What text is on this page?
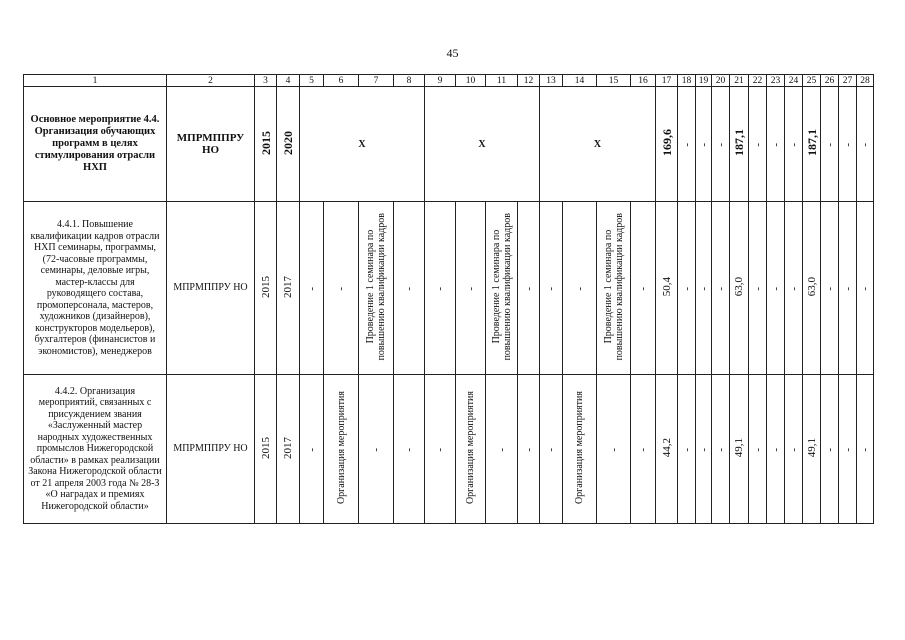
45
1	2	3	4	5	6	7	8	9	10	11	12	13	14	15	16	17	18	19	20	21	22	23	24	25	26	27	28
Основное мероприятие 4.4. Организация обучающих программ в целях стимулирования отрасли НХП	МПРМППРУ НО	2015	2020	X				X				X				169,6	-	-	-	187,1	-	-	-	187,1	-	-	-
4.4.1. Повышение квалификации кадров отрасли НХП семинары, программы, (72-часовые программы, семинары, деловые игры, мастер-классы для руководящего состава, промоперсонала, мастеров, художников (дизайнеров), конструкторов модельеров), бухгалтеров (финансистов и экономистов), менеджеров	МПРМППРУ НО	2015	2017	-	-	Проведение 1 семинара по
повышению квалификации кадров	-	-	-	Проведение 1 семинара по
повышению квалификации кадров	-	-	-	Проведение 1 семинара по
повышению квалификации кадров	-	50,4	-	-	-	63,0	-	-	-	63,0	-	-	-
4.4.2. Организация мероприятий, связанных с присуждением звания «Заслуженный мастер народных художественных промыслов Нижегородской области» в рамках реализации Закона Нижегородской области от 21 апреля 2003 года № 28-З «О наградах и премиях Нижегородской области»	МПРМППРУ НО	2015	2017	-	Организация мероприятия	-	-	-	Организация мероприятия	-	-	-	Организация мероприятия	-	-	44,2	-	-	-	49,1	-	-	-	49,1	-	-	-
